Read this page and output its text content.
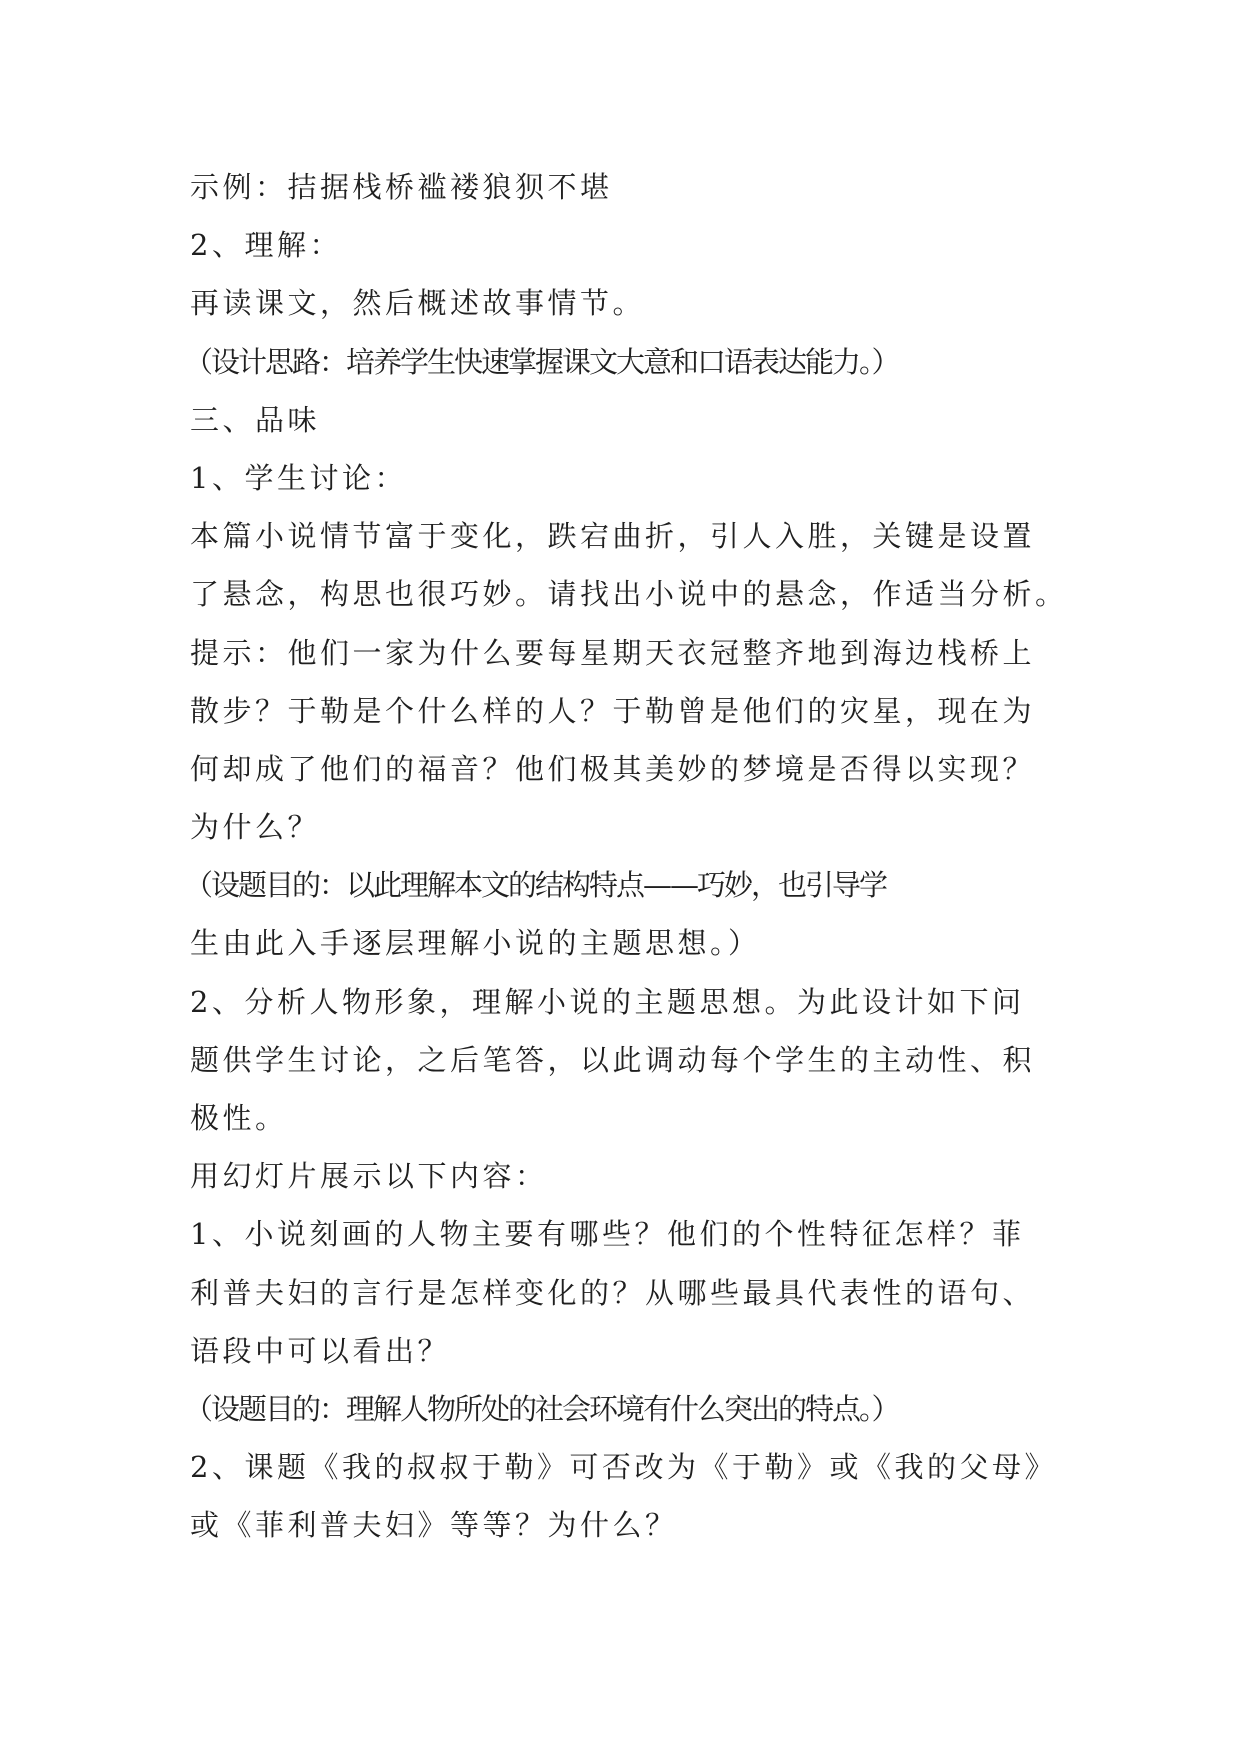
示例：拮据栈桥褴褛狼狈不堪
2、理解：
再读课文，然后概述故事情节。
（设计思路：培养学生快速掌握课文大意和口语表达能力。）
三、品味
1、学生讨论：
本篇小说情节富于变化，跌宕曲折，引人入胜，关键是设置
了悬念，构思也很巧妙。请找出小说中的悬念，作适当分析。
提示：他们一家为什么要每星期天衣冠整齐地到海边栈桥上
散步？于勒是个什么样的人？于勒曾是他们的灾星，现在为
何却成了他们的福音？他们极其美妙的梦境是否得以实现？
为什么？
（设题目的：以此理解本文的结构特点——巧妙，也引导学
生由此入手逐层理解小说的主题思想。）
2、分析人物形象，理解小说的主题思想。为此设计如下问
题供学生讨论，之后笔答，以此调动每个学生的主动性、积
极性。
用幻灯片展示以下内容：
1、小说刻画的人物主要有哪些？他们的个性特征怎样？菲
利普夫妇的言行是怎样变化的？从哪些最具代表性的语句、
语段中可以看出？
（设题目的：理解人物所处的社会环境有什么突出的特点。）
2、课题《我的叔叔于勒》可否改为《于勒》或《我的父母》
或《菲利普夫妇》等等？为什么？
